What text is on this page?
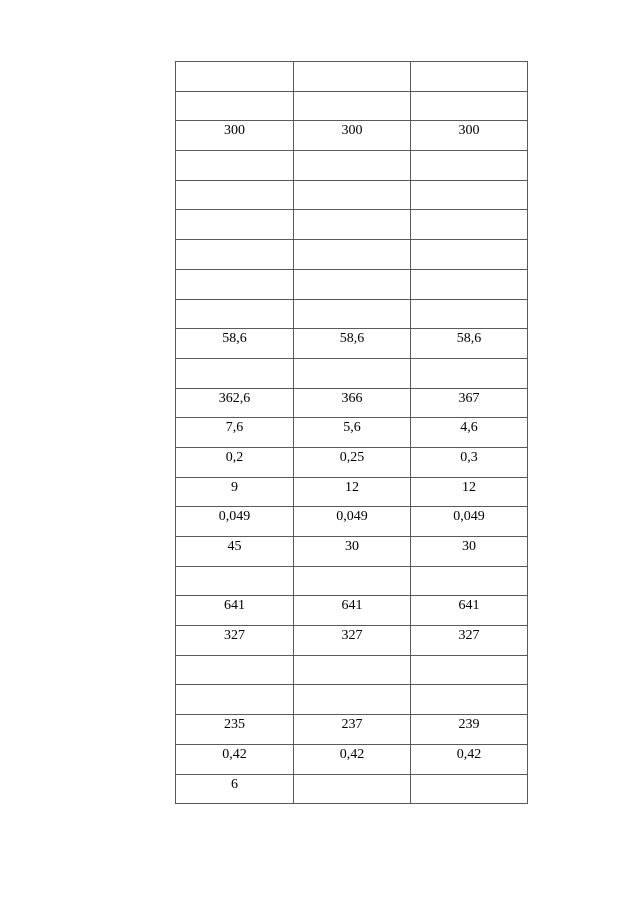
300	300	300

58,6	58,6	58,6

362,6	366	367
7,6	5,6	4,6
0,2	0,25	0,3
9	12	12
0,049	0,049	0,049
45	30	30

641	641	641
327	327	327

235	237	239
0,42	0,42	0,42
6		
